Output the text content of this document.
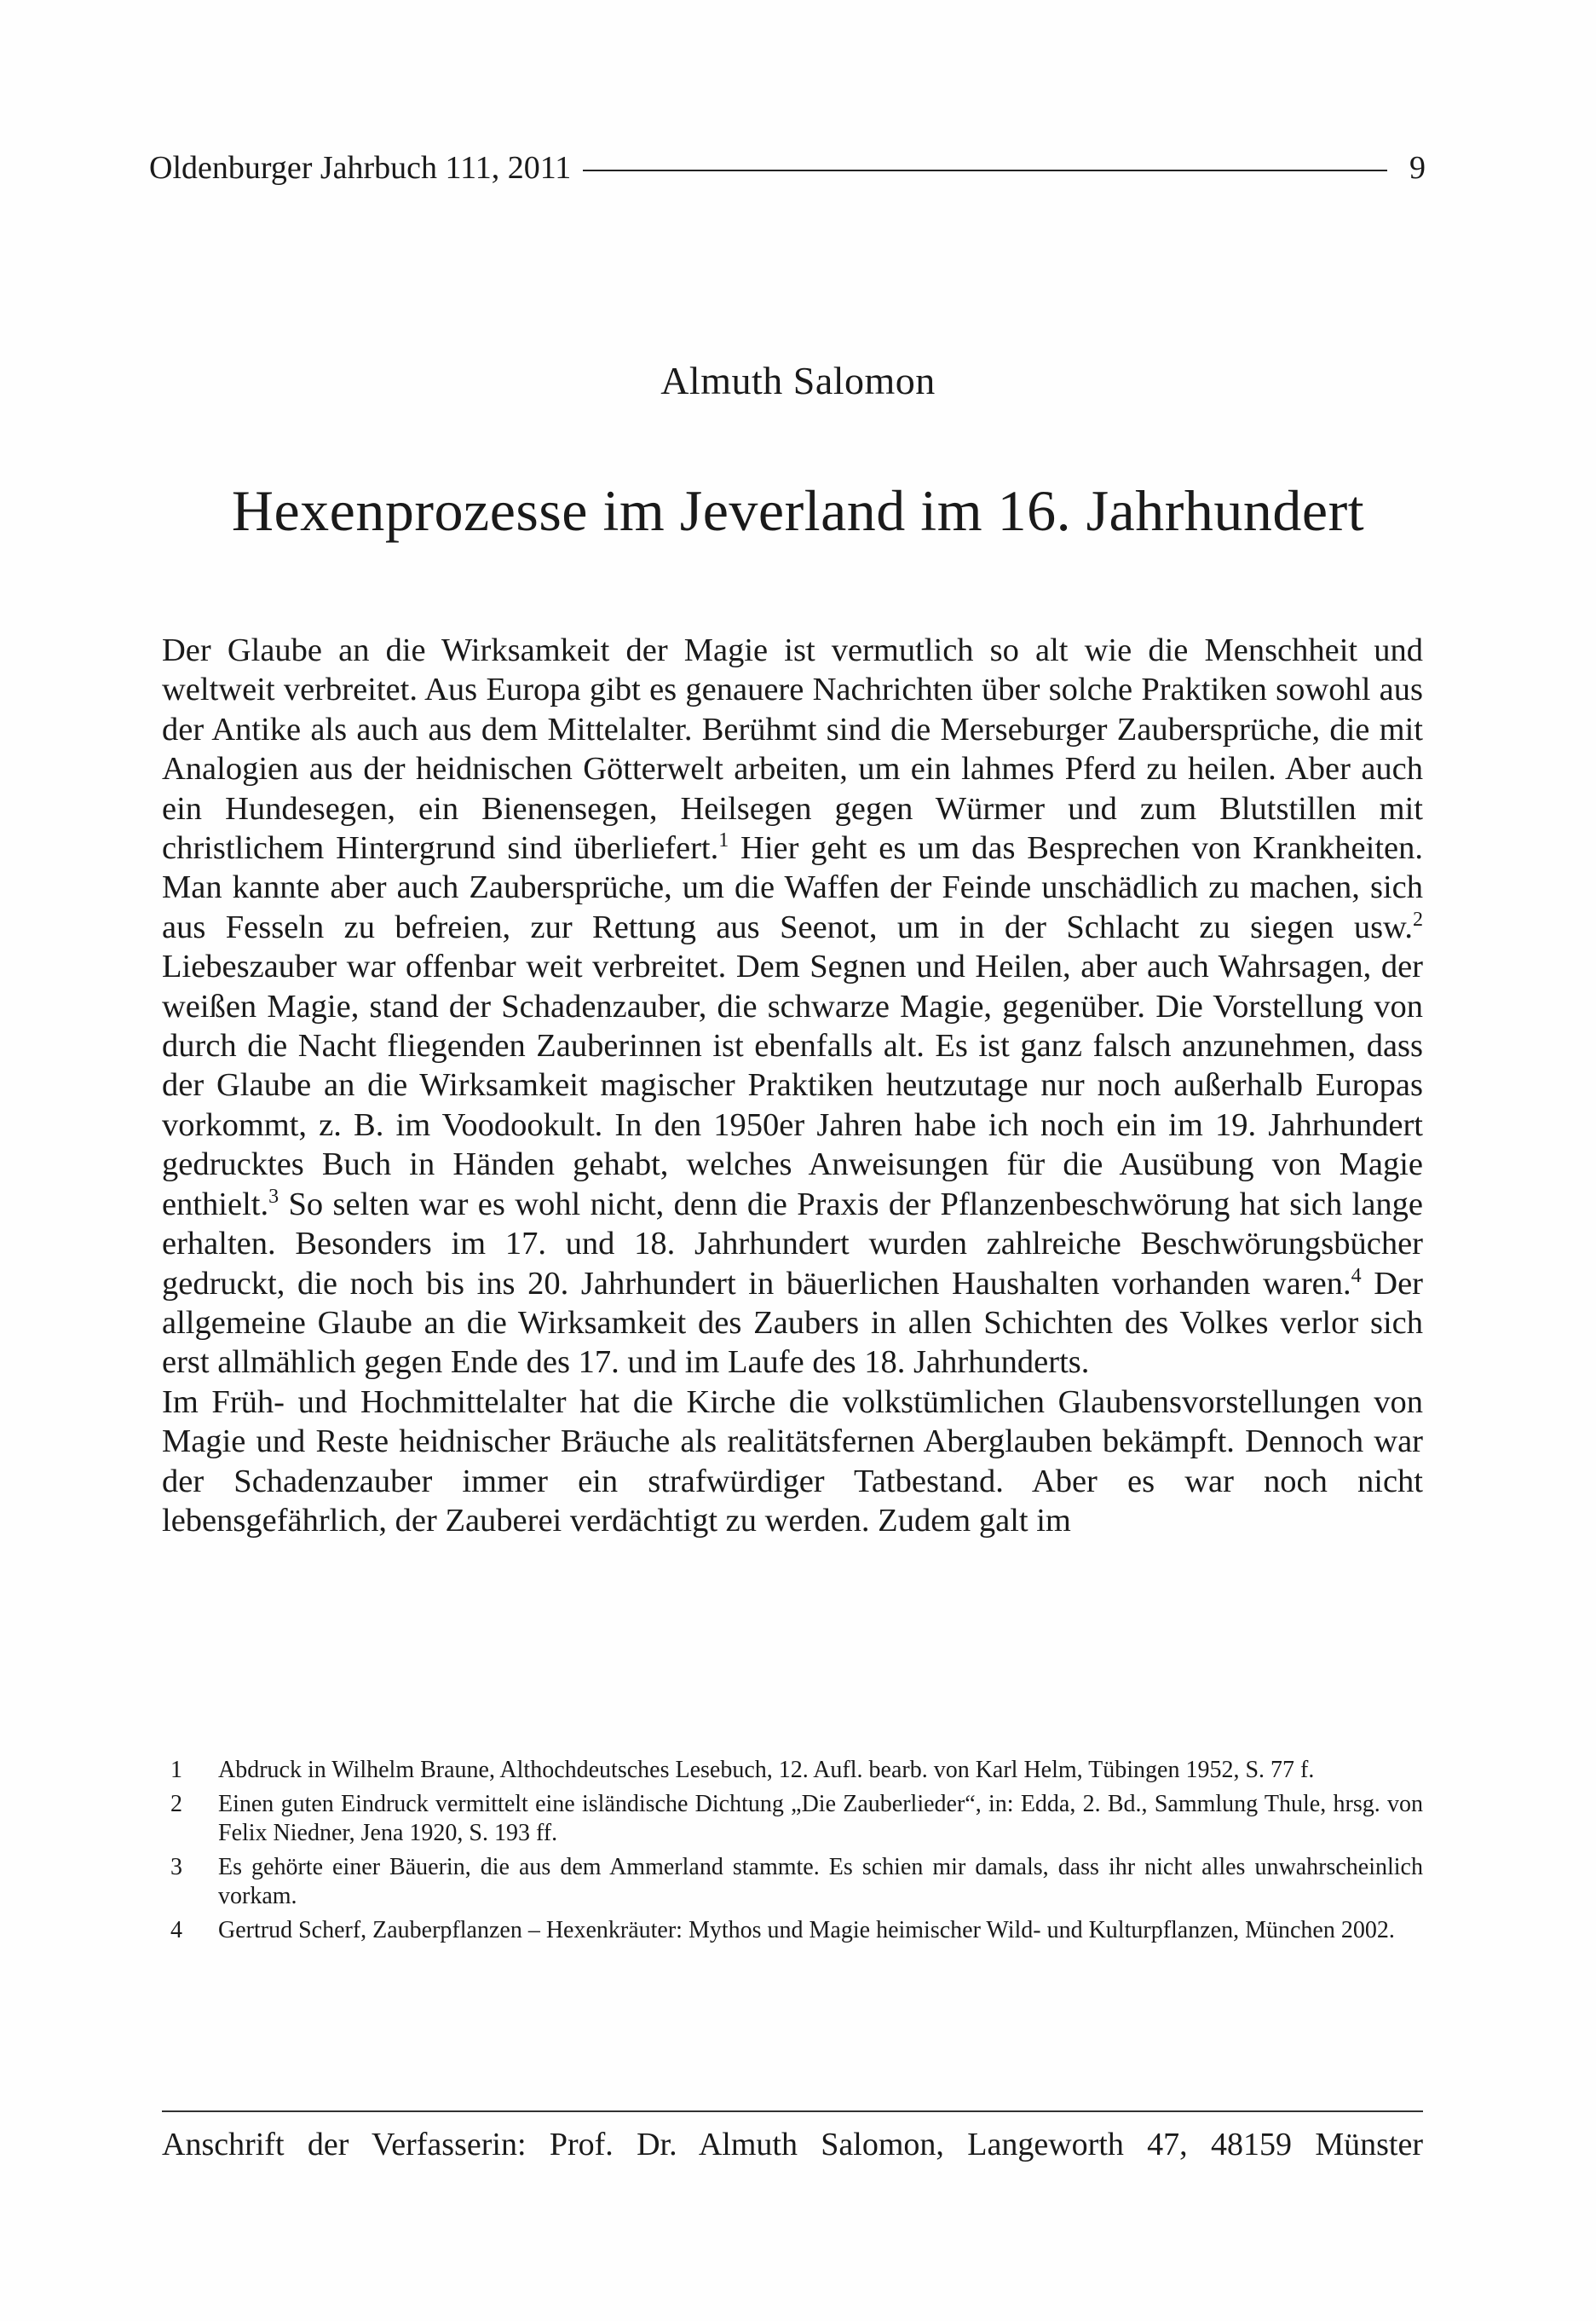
Oldenburger Jahrbuch 111, 2011	9
Almuth Salomon
Hexenprozesse im Jeverland im 16. Jahrhundert

Der Glaube an die Wirksamkeit der Magie ist vermutlich so alt wie die Menschheit und weltweit verbreitet. Aus Europa gibt es genauere Nachrichten über solche Praktiken sowohl aus der Antike als auch aus dem Mittelalter. Berühmt sind die Merseburger Zaubersprüche, die mit Analogien aus der heidnischen Götterwelt arbeiten, um ein lahmes Pferd zu heilen. Aber auch ein Hundesegen, ein Bienensegen, Heilsegen gegen Würmer und zum Blutstillen mit christlichem Hintergrund sind überliefert.$^1$ Hier geht es um das Besprechen von Krankheiten. Man kannte aber auch Zaubersprüche, um die Waffen der Feinde unschädlich zu machen, sich aus Fesseln zu befreien, zur Rettung aus Seenot, um in der Schlacht zu siegen usw.$^2$ Liebeszauber war offenbar weit verbreitet. Dem Segnen und Heilen, aber auch Wahrsagen, der weißen Magie, stand der Schadenzauber, die schwarze Magie, gegenüber. Die Vorstellung von durch die Nacht fliegenden Zauberinnen ist ebenfalls alt. Es ist ganz falsch anzunehmen, dass der Glaube an die Wirksamkeit magischer Praktiken heutzutage nur noch außerhalb Europas vorkommt, z. B. im Voodookult. In den 1950er Jahren habe ich noch ein im 19. Jahrhundert gedrucktes Buch in Händen gehabt, welches Anweisungen für die Ausübung von Magie enthielt.$^3$ So selten war es wohl nicht, denn die Praxis der Pflanzenbeschwörung hat sich lange erhalten. Besonders im 17. und 18. Jahrhundert wurden zahlreiche Beschwörungsbücher gedruckt, die noch bis ins 20. Jahrhundert in bäuerlichen Haushalten vorhanden waren.$^4$ Der allgemeine Glaube an die Wirksamkeit des Zaubers in allen Schichten des Volkes verlor sich erst allmählich gegen Ende des 17. und im Laufe des 18. Jahrhunderts.

Im Früh- und Hochmittelalter hat die Kirche die volkstümlichen Glaubensvorstellungen von Magie und Reste heidnischer Bräuche als realitätsfernen Aberglauben bekämpft. Dennoch war der Schadenzauber immer ein strafwürdiger Tatbestand. Aber es war noch nicht lebensgefährlich, der Zauberei verdächtigt zu werden. Zudem galt im

1	Abdruck in Wilhelm Braune, Althochdeutsches Lesebuch, 12. Aufl. bearb. von Karl Helm, Tübingen 1952, S. 77 f.
2	Einen guten Eindruck vermittelt eine isländische Dichtung „Die Zauberlieder“, in: Edda, 2. Bd., Sammlung Thule, hrsg. von Felix Niedner, Jena 1920, S. 193 ff.
3	Es gehörte einer Bäuerin, die aus dem Ammerland stammte. Es schien mir damals, dass ihr nicht alles unwahrscheinlich vorkam.
4	Gertrud Scherf, Zauberpflanzen – Hexenkräuter: Mythos und Magie heimischer Wild- und Kulturpflanzen, München 2002.
Anschrift der Verfasserin: Prof. Dr. Almuth Salomon, Langeworth 47, 48159 Münster
